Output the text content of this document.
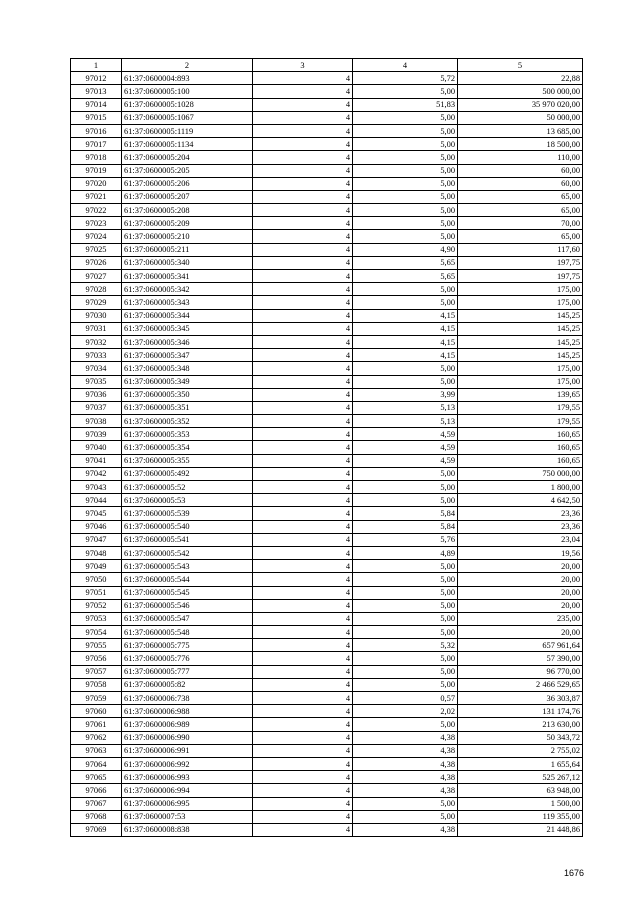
1	2	3	4	5
97012	61:37:0600004:893	4	5,72	22,88
97013	61:37:0600005:100	4	5,00	500 000,00
97014	61:37:0600005:1028	4	51,83	35 970 020,00
97015	61:37:0600005:1067	4	5,00	50 000,00
97016	61:37:0600005:1119	4	5,00	13 685,00
97017	61:37:0600005:1134	4	5,00	18 500,00
97018	61:37:0600005:204	4	5,00	110,00
97019	61:37:0600005:205	4	5,00	60,00
97020	61:37:0600005:206	4	5,00	60,00
97021	61:37:0600005:207	4	5,00	65,00
97022	61:37:0600005:208	4	5,00	65,00
97023	61:37:0600005:209	4	5,00	70,00
97024	61:37:0600005:210	4	5,00	65,00
97025	61:37:0600005:211	4	4,90	117,60
97026	61:37:0600005:340	4	5,65	197,75
97027	61:37:0600005:341	4	5,65	197,75
97028	61:37:0600005:342	4	5,00	175,00
97029	61:37:0600005:343	4	5,00	175,00
97030	61:37:0600005:344	4	4,15	145,25
97031	61:37:0600005:345	4	4,15	145,25
97032	61:37:0600005:346	4	4,15	145,25
97033	61:37:0600005:347	4	4,15	145,25
97034	61:37:0600005:348	4	5,00	175,00
97035	61:37:0600005:349	4	5,00	175,00
97036	61:37:0600005:350	4	3,99	139,65
97037	61:37:0600005:351	4	5,13	179,55
97038	61:37:0600005:352	4	5,13	179,55
97039	61:37:0600005:353	4	4,59	160,65
97040	61:37:0600005:354	4	4,59	160,65
97041	61:37:0600005:355	4	4,59	160,65
97042	61:37:0600005:492	4	5,00	750 000,00
97043	61:37:0600005:52	4	5,00	1 800,00
97044	61:37:0600005:53	4	5,00	4 642,50
97045	61:37:0600005:539	4	5,84	23,36
97046	61:37:0600005:540	4	5,84	23,36
97047	61:37:0600005:541	4	5,76	23,04
97048	61:37:0600005:542	4	4,89	19,56
97049	61:37:0600005:543	4	5,00	20,00
97050	61:37:0600005:544	4	5,00	20,00
97051	61:37:0600005:545	4	5,00	20,00
97052	61:37:0600005:546	4	5,00	20,00
97053	61:37:0600005:547	4	5,00	235,00
97054	61:37:0600005:548	4	5,00	20,00
97055	61:37:0600005:775	4	5,32	657 961,64
97056	61:37:0600005:776	4	5,00	57 390,00
97057	61:37:0600005:777	4	5,00	96 770,00
97058	61:37:0600005:82	4	5,00	2 466 529,65
97059	61:37:0600006:738	4	0,57	36 303,87
97060	61:37:0600006:988	4	2,02	131 174,76
97061	61:37:0600006:989	4	5,00	213 630,00
97062	61:37:0600006:990	4	4,38	50 343,72
97063	61:37:0600006:991	4	4,38	2 755,02
97064	61:37:0600006:992	4	4,38	1 655,64
97065	61:37:0600006:993	4	4,38	525 267,12
97066	61:37:0600006:994	4	4,38	63 948,00
97067	61:37:0600006:995	4	5,00	1 500,00
97068	61:37:0600007:53	4	5,00	119 355,00
97069	61:37:0600008:838	4	4,38	21 448,86
1676
